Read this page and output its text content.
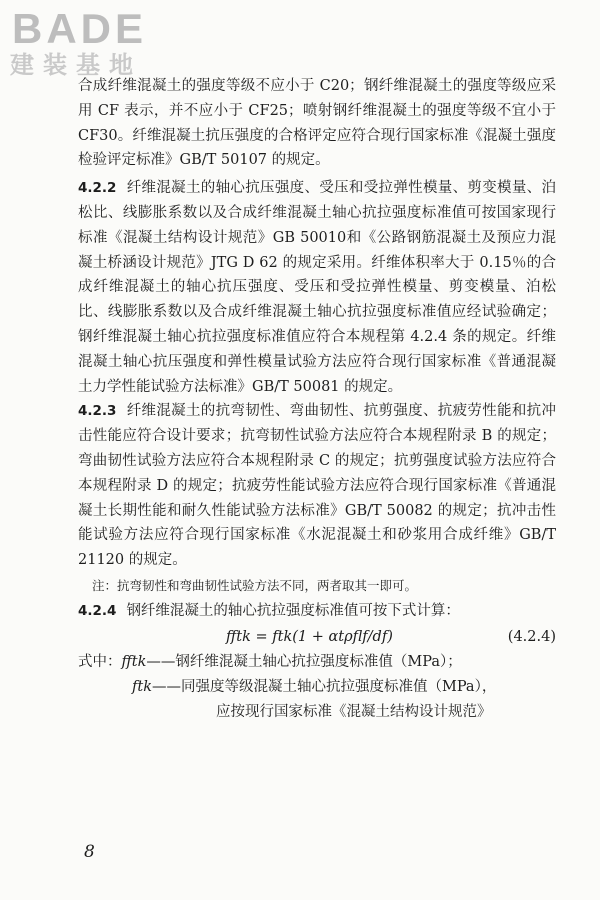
BADE
建装基地

合成纤维混凝土的强度等级不应小于 C20；钢纤维混凝土的强度等级应采用 CF 表示，并不应小于 CF25；喷射钢纤维混凝土的强度等级不宜小于 CF30。纤维混凝土抗压强度的合格评定应符合现行国家标准《混凝土强度检验评定标准》GB/T 50107 的规定。

4.2.2 纤维混凝土的轴心抗压强度、受压和受拉弹性模量、剪变模量、泊松比、线膨胀系数以及合成纤维混凝土轴心抗拉强度标准值可按国家现行标准《混凝土结构设计规范》GB 50010和《公路钢筋混凝土及预应力混凝土桥涵设计规范》JTG D 62 的规定采用。纤维体积率大于 0.15％的合成纤维混凝土的轴心抗压强度、受压和受拉弹性模量、剪变模量、泊松比、线膨胀系数以及合成纤维混凝土轴心抗拉强度标准值应经试验确定；钢纤维混凝土轴心抗拉强度标准值应符合本规程第 4.2.4 条的规定。纤维混凝土轴心抗压强度和弹性模量试验方法应符合现行国家标准《普通混凝土力学性能试验方法标准》GB/T 50081 的规定。

4.2.3 纤维混凝土的抗弯韧性、弯曲韧性、抗剪强度、抗疲劳性能和抗冲击性能应符合设计要求；抗弯韧性试验方法应符合本规程附录 B 的规定；弯曲韧性试验方法应符合本规程附录 C 的规定；抗剪强度试验方法应符合本规程附录 D 的规定；抗疲劳性能试验方法应符合现行国家标准《普通混凝土长期性能和耐久性能试验方法标准》GB/T 50082 的规定；抗冲击性能试验方法应符合现行国家标准《水泥混凝土和砂浆用合成纤维》GB/T 21120 的规定。

注：抗弯韧性和弯曲韧性试验方法不同，两者取其一即可。

4.2.4 钢纤维混凝土的轴心抗拉强度标准值可按下式计算：

fftk = ftk(1 + αtρflf/df)	(4.2.4)
式中：fftk——钢纤维混凝土轴心抗拉强度标准值（MPa）；
ftk——同强度等级混凝土轴心抗拉强度标准值（MPa），
应按现行国家标准《混凝土结构设计规范》
8
